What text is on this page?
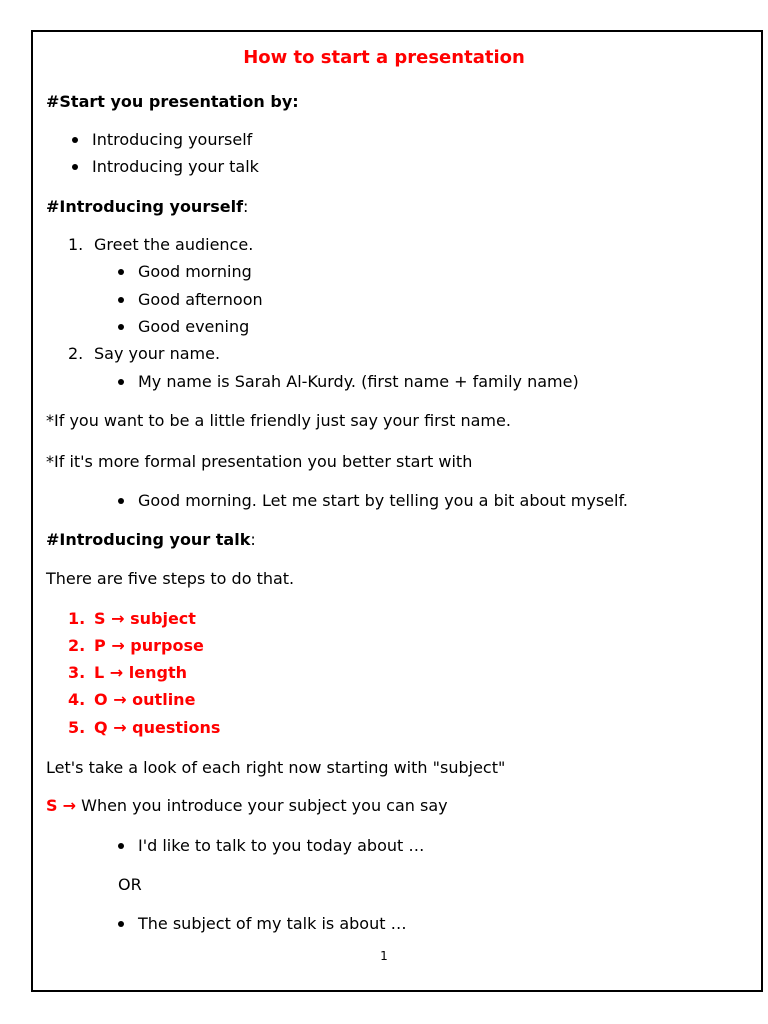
How to start a presentation
#Start you presentation by:
Introducing yourself
Introducing your talk
#Introducing yourself:
1. Greet the audience.
Good morning
Good afternoon
Good evening
2. Say your name.
My name is Sarah Al-Kurdy. (first name + family name)
*If you want to be a little friendly just say your first name.
*If it's more formal presentation you better start with
Good morning. Let me start by telling you a bit about myself.
#Introducing your talk:
There are five steps to do that.
1. S → subject
2. P → purpose
3. L → length
4. O → outline
5. Q → questions
Let's take a look of each right now starting with "subject"
S → When you introduce your subject you can say
I'd like to talk to you today about …
OR
The subject of my talk is about …
1
